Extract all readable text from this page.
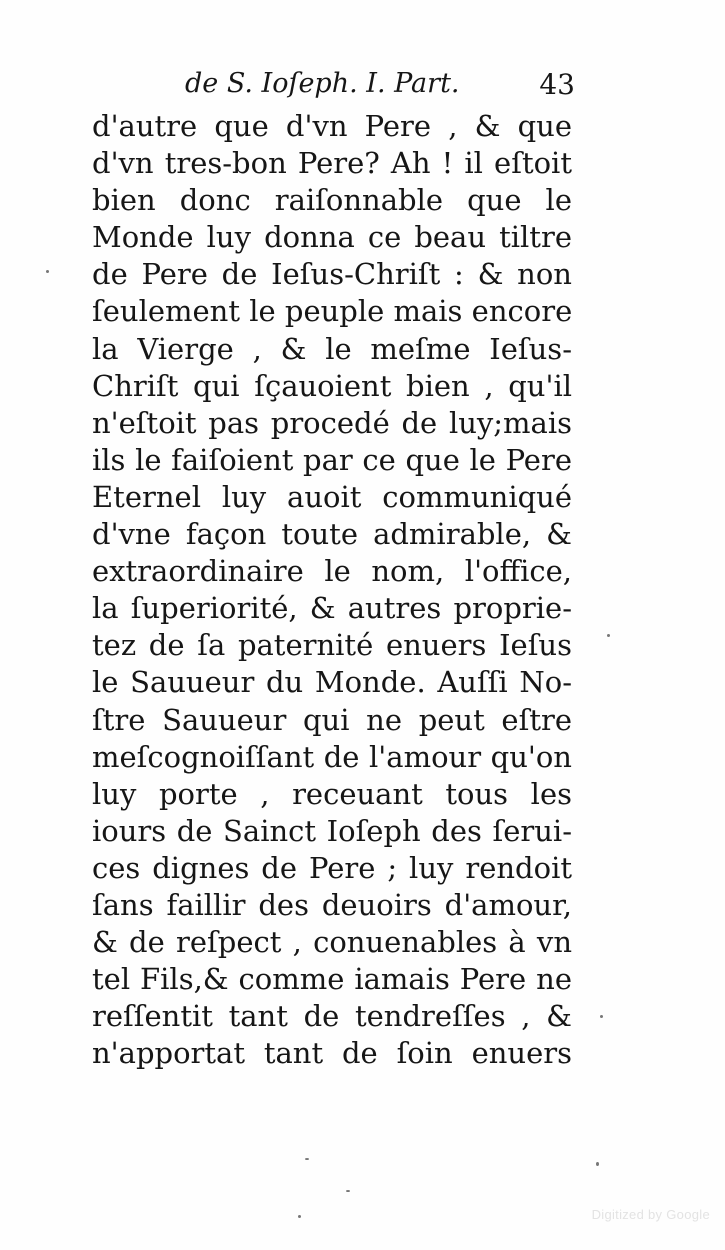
de S. Ioſeph. I. Part.	43
d'autre que d'vn Pere , & que
d'vn tres-bon Pere? Ah ! il eſtoit
bien donc raiſonnable que le
Monde luy donna ce beau tiltre
de Pere de Ieſus-Chriſt : & non
ſeulement le peuple mais encore
la Vierge , & le meſme Ieſus-
Chriſt qui ſçauoient bien , qu'il
n'eſtoit pas procedé de luy;mais
ils le faiſoient par ce que le Pere
Eternel luy auoit communiqué
d'vne façon toute admirable, &
extraordinaire le nom, l'office,
la ſuperiorité, & autres proprie-
tez de ſa paternité enuers Ieſus
le Sauueur du Monde. Auſſi No-
ſtre Sauueur qui ne peut eſtre
meſcognoiſſant de l'amour qu'on
luy porte , receuant tous les
iours de Sainct Ioſeph des ſerui-
ces dignes de Pere ; luy rendoit
ſans faillir des deuoirs d'amour,
& de reſpect , conuenables à vn
tel Fils,& comme iamais Pere ne
reſſentit tant de tendreſſes , &
n'apportat tant de ſoin enuers
Digitized by Google
